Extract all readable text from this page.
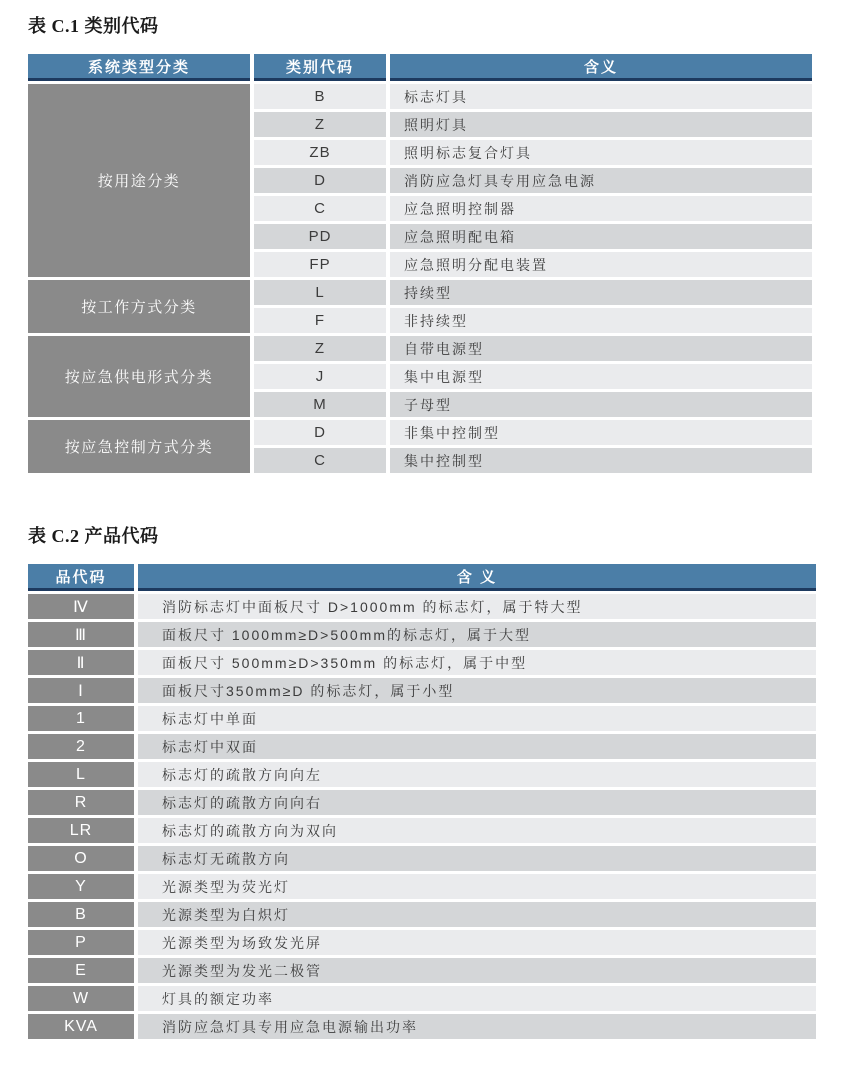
表 C.1 类别代码
系统类型分类	类别代码	含义
按用途分类	B	标志灯具
	Z	照明灯具
	ZB	照明标志复合灯具
	D	消防应急灯具专用应急电源
	C	应急照明控制器
	PD	应急照明配电箱
	FP	应急照明分配电装置
按工作方式分类	L	持续型
	F	非持续型
按应急供电形式分类	Z	自带电源型
	J	集中电源型
	M	子母型
按应急控制方式分类	D	非集中控制型
	C	集中控制型
表 C.2 产品代码
品代码	含 义
Ⅳ	消防标志灯中面板尺寸 D>1000mm 的标志灯，属于特大型
Ⅲ	面板尺寸 1000mm≥D>500mm的标志灯，属于大型
Ⅱ	面板尺寸 500mm≥D>350mm 的标志灯，属于中型
Ⅰ	面板尺寸350mm≥D 的标志灯，属于小型
1	标志灯中单面
2	标志灯中双面
L	标志灯的疏散方向向左
R	标志灯的疏散方向向右
LR	标志灯的疏散方向为双向
O	标志灯无疏散方向
Y	光源类型为荧光灯
B	光源类型为白炽灯
P	光源类型为场致发光屏
E	光源类型为发光二极管
W	灯具的额定功率
KVA	消防应急灯具专用应急电源输出功率
